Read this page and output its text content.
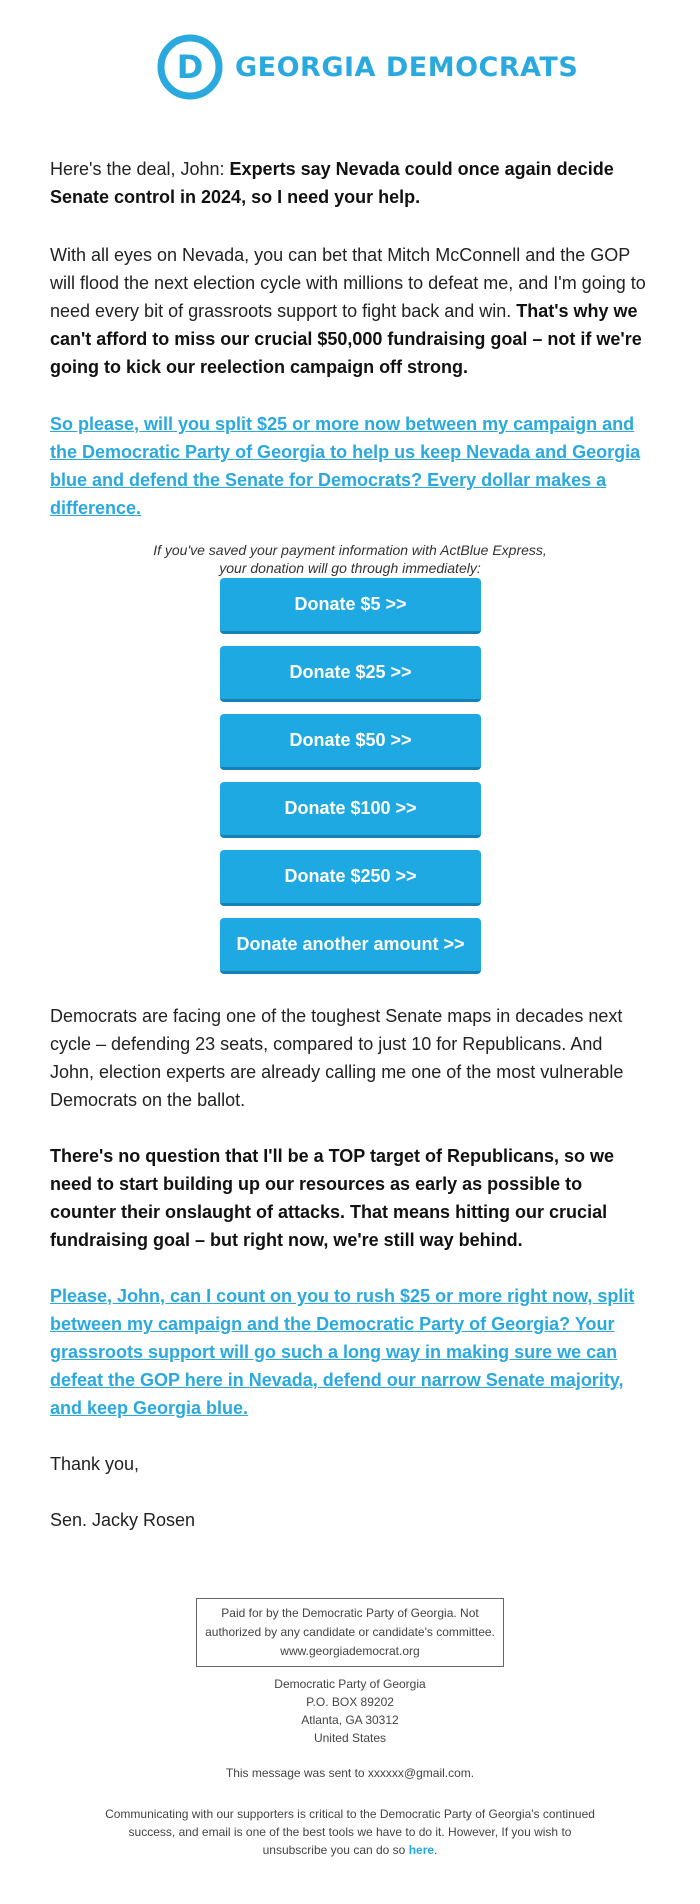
D GEORGIA DEMOCRATS

Here's the deal, John: Experts say Nevada could once again decide Senate control in 2024, so I need your help.

With all eyes on Nevada, you can bet that Mitch McConnell and the GOP will flood the next election cycle with millions to defeat me, and I'm going to need every bit of grassroots support to fight back and win. That's why we can't afford to miss our crucial $50,000 fundraising goal – not if we're going to kick our reelection campaign off strong.

So please, will you split $25 or more now between my campaign and the Democratic Party of Georgia to help us keep Nevada and Georgia blue and defend the Senate for Democrats? Every dollar makes a difference.
If you've saved your payment information with ActBlue Express,
your donation will go through immediately:
Donate $5 >>
Donate $25 >>
Donate $50 >>
Donate $100 >>
Donate $250 >>
Donate another amount >>

Democrats are facing one of the toughest Senate maps in decades next cycle – defending 23 seats, compared to just 10 for Republicans. And John, election experts are already calling me one of the most vulnerable Democrats on the ballot.

There's no question that I'll be a TOP target of Republicans, so we need to start building up our resources as early as possible to counter their onslaught of attacks. That means hitting our crucial fundraising goal – but right now, we're still way behind.

Please, John, can I count on you to rush $25 or more right now, split between my campaign and the Democratic Party of Georgia? Your grassroots support will go such a long way in making sure we can defeat the GOP here in Nevada, defend our narrow Senate majority, and keep Georgia blue.

Thank you,

Sen. Jacky Rosen

Paid for by the Democratic Party of Georgia. Not authorized by any candidate or candidate's committee.
www.georgiademocrat.org
Democratic Party of Georgia
P.O. BOX 89202
Atlanta, GA 30312
United States
This message was sent to xxxxxx@gmail.com.
Communicating with our supporters is critical to the Democratic Party of Georgia's continued success, and email is one of the best tools we have to do it. However, If you wish to unsubscribe you can do so here.
